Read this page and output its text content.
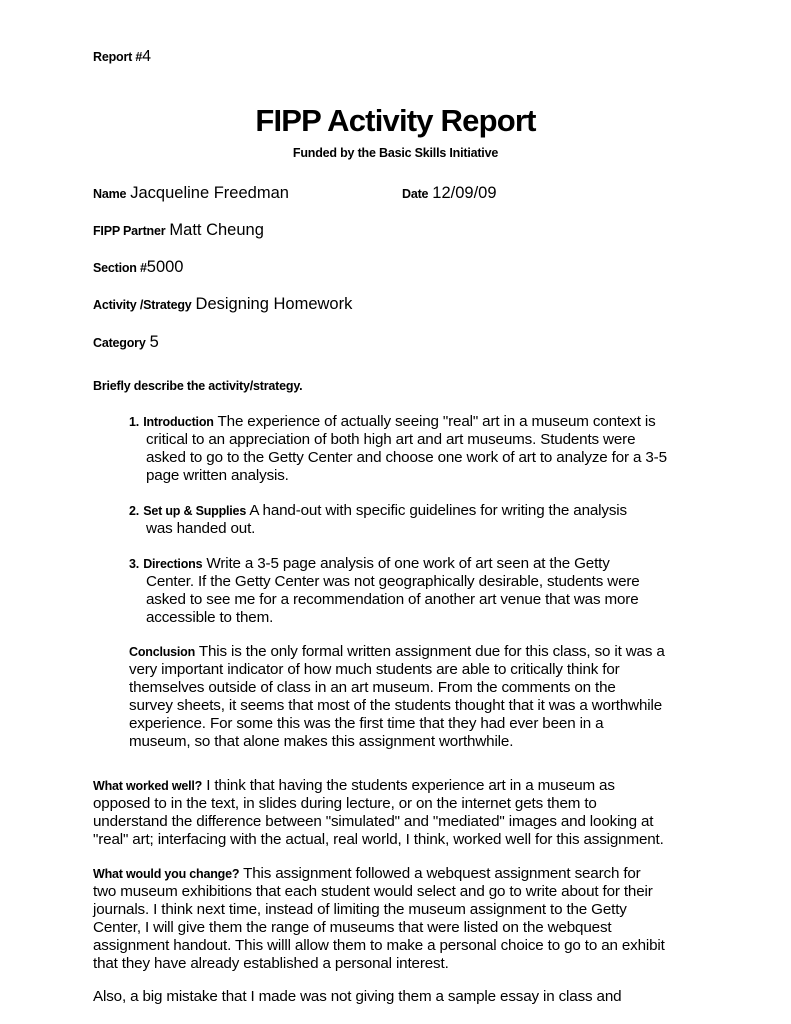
Report #4
FIPP Activity Report
Funded by the Basic Skills Initiative
Name Jacqueline Freedman	Date 12/09/09
FIPP Partner Matt Cheung
Section #5000
Activity /Strategy Designing Homework
Category 5
Briefly describe the activity/strategy.
1. Introduction The experience of actually seeing "real" art in a museum context is
critical to an appreciation of both high art and art museums. Students were
asked to go to the Getty Center and choose one work of art to analyze for a 3-5
page written analysis.
2. Set up & Supplies A hand-out with specific guidelines for writing the analysis
was handed out.
3. Directions Write a 3-5 page analysis of one work of art seen at the Getty
Center. If the Getty Center was not geographically desirable, students were
asked to see me for a recommendation of another art venue that was more
accessible to them.
Conclusion This is the only formal written assignment due for this class, so it was a
very important indicator of how much students are able to critically think for
themselves outside of class in an art museum. From the comments on the
survey sheets, it seems that most of the students thought that it was a worthwhile
experience. For some this was the first time that they had ever been in a
museum, so that alone makes this assignment worthwhile.
What worked well? I think that having the students experience art in a museum as
opposed to in the text, in slides during lecture, or on the internet gets them to
understand the difference between "simulated" and "mediated" images and looking at
"real" art; interfacing with the actual, real world, I think, worked well for this assignment.
What would you change? This assignment followed a webquest assignment search for
two museum exhibitions that each student would select and go to write about for their
journals. I think next time, instead of limiting the museum assignment to the Getty
Center, I will give them the range of museums that were listed on the webquest
assignment handout. This willl allow them to make a personal choice to go to an exhibit
that they have already established a personal interest.
Also, a big mistake that I made was not giving them a sample essay in class and
